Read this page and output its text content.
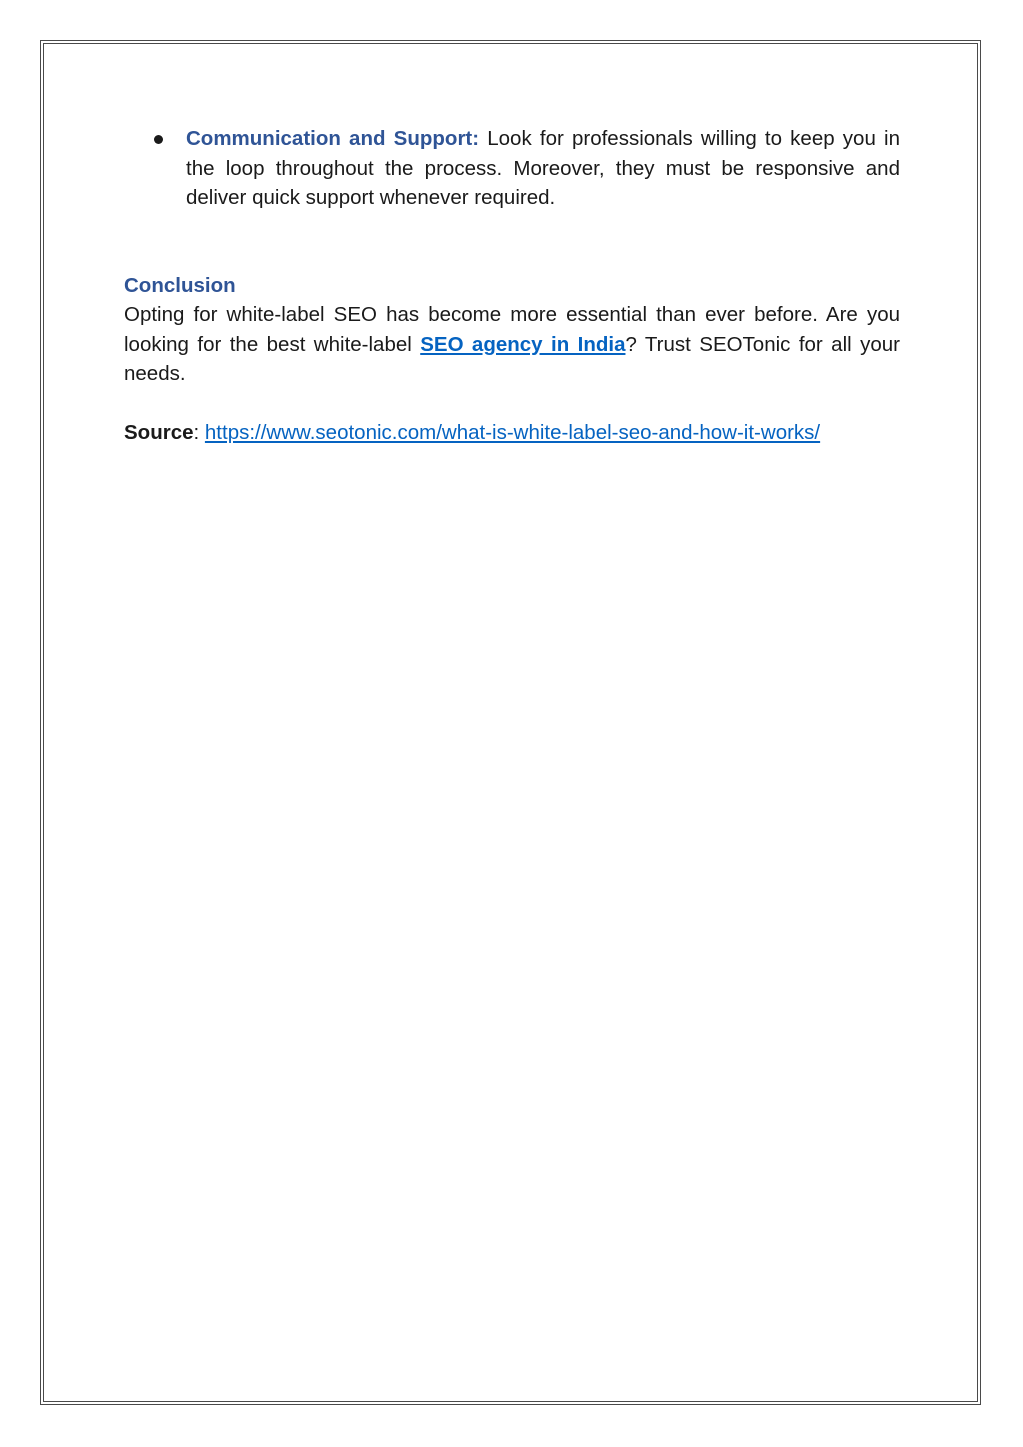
Communication and Support: Look for professionals willing to keep you in the loop throughout the process. Moreover, they must be responsive and deliver quick support whenever required.
Conclusion
Opting for white-label SEO has become more essential than ever before. Are you looking for the best white-label SEO agency in India? Trust SEOTonic for all your needs.
Source: https://www.seotonic.com/what-is-white-label-seo-and-how-it-works/
